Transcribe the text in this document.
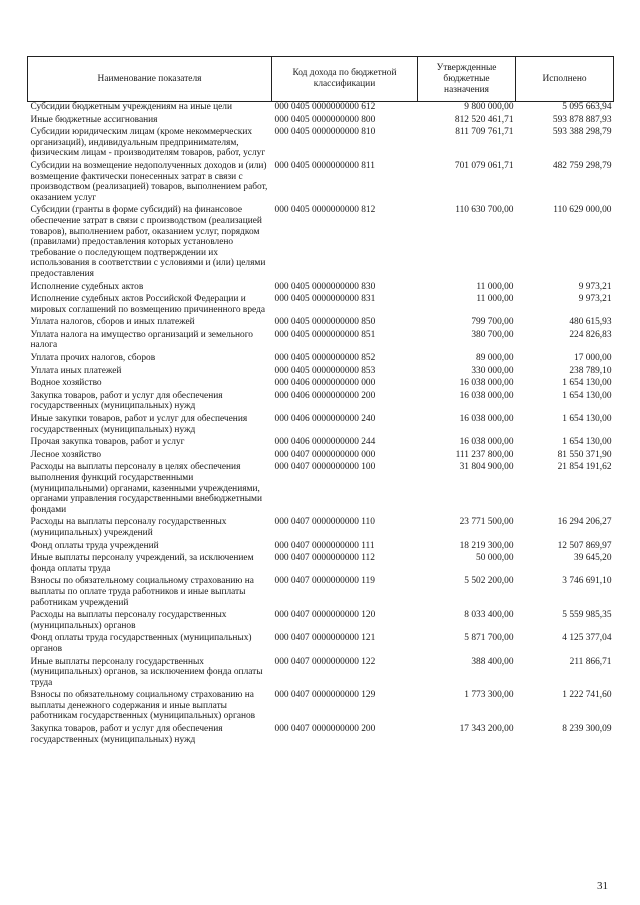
Наименование показателя	Код дохода по бюджетной классификации	Утвержденные бюджетные назначения	Исполнено
Субсидии бюджетным учреждениям на иные цели	000 0405 0000000000 612	9 800 000,00	5 095 663,94
Иные бюджетные ассигнования	000 0405 0000000000 800	812 520 461,71	593 878 887,93
Субсидии юридическим лицам (кроме некоммерческих организаций), индивидуальным предпринимателям, физическим лицам - производителям товаров, работ, услуг	000 0405 0000000000 810	811 709 761,71	593 388 298,79
Субсидии на возмещение недополученных доходов и (или) возмещение фактически понесенных затрат в связи с производством (реализацией) товаров, выполнением работ, оказанием услуг	000 0405 0000000000 811	701 079 061,71	482 759 298,79
Субсидии (гранты в форме субсидий) на финансовое обеспечение затрат в связи с производством (реализацией товаров), выполнением работ, оказанием услуг, порядком (правилами) предоставления которых установлено требование о последующем подтверждении их использования в соответствии с условиями и (или) целями предоставления	000 0405 0000000000 812	110 630 700,00	110 629 000,00
Исполнение судебных актов	000 0405 0000000000 830	11 000,00	9 973,21
Исполнение судебных актов Российской Федерации и мировых соглашений по возмещению причиненного вреда	000 0405 0000000000 831	11 000,00	9 973,21
Уплата налогов, сборов и иных платежей	000 0405 0000000000 850	799 700,00	480 615,93
Уплата налога на имущество организаций и земельного налога	000 0405 0000000000 851	380 700,00	224 826,83
Уплата прочих налогов, сборов	000 0405 0000000000 852	89 000,00	17 000,00
Уплата иных платежей	000 0405 0000000000 853	330 000,00	238 789,10
Водное хозяйство	000 0406 0000000000 000	16 038 000,00	1 654 130,00
Закупка товаров, работ и услуг для обеспечения государственных (муниципальных) нужд	000 0406 0000000000 200	16 038 000,00	1 654 130,00
Иные закупки товаров, работ и услуг для обеспечения государственных (муниципальных) нужд	000 0406 0000000000 240	16 038 000,00	1 654 130,00
Прочая закупка товаров, работ и услуг	000 0406 0000000000 244	16 038 000,00	1 654 130,00
Лесное хозяйство	000 0407 0000000000 000	111 237 800,00	81 550 371,90
Расходы на выплаты персоналу в целях обеспечения выполнения функций государственными (муниципальными) органами, казенными учреждениями, органами управления государственными внебюджетными фондами	000 0407 0000000000 100	31 804 900,00	21 854 191,62
Расходы на выплаты персоналу государственных (муниципальных) учреждений	000 0407 0000000000 110	23 771 500,00	16 294 206,27
Фонд оплаты труда учреждений	000 0407 0000000000 111	18 219 300,00	12 507 869,97
Иные выплаты персоналу учреждений, за исключением фонда оплаты труда	000 0407 0000000000 112	50 000,00	39 645,20
Взносы по обязательному социальному страхованию на выплаты по оплате труда работников и иные выплаты работникам учреждений	000 0407 0000000000 119	5 502 200,00	3 746 691,10
Расходы на выплаты персоналу государственных (муниципальных) органов	000 0407 0000000000 120	8 033 400,00	5 559 985,35
Фонд оплаты труда государственных (муниципальных) органов	000 0407 0000000000 121	5 871 700,00	4 125 377,04
Иные выплаты персоналу государственных (муниципальных) органов, за исключением фонда оплаты труда	000 0407 0000000000 122	388 400,00	211 866,71
Взносы по обязательному социальному страхованию на выплаты денежного содержания и иные выплаты работникам государственных (муниципальных) органов	000 0407 0000000000 129	1 773 300,00	1 222 741,60
Закупка товаров, работ и услуг для обеспечения государственных (муниципальных) нужд	000 0407 0000000000 200	17 343 200,00	8 239 300,09
31
